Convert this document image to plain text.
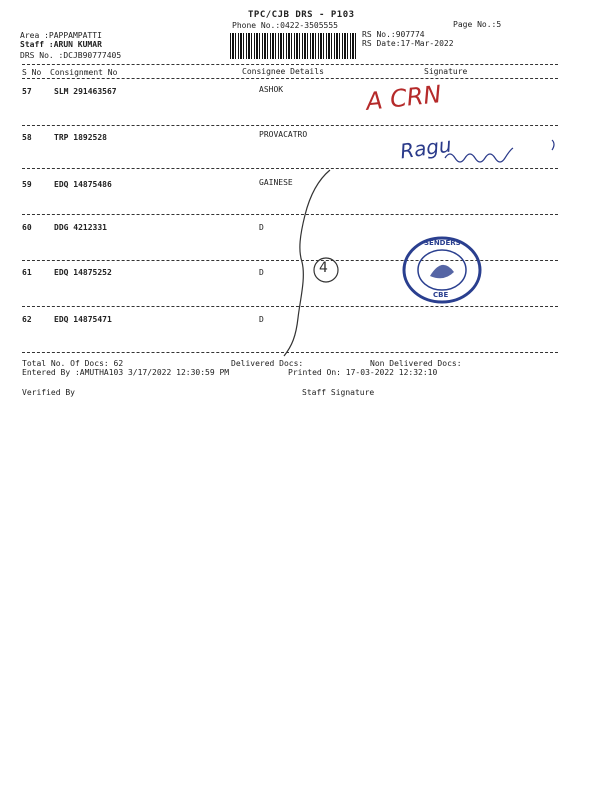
TPC/CJB DRS - P103
Phone No.:0422-3505555	Page No.:5
Area :PAPPAMPATTI
Staff :ARUN KUMAR
DRS No. :DCJB90777405
RS No.:907774
RS Date:17-Mar-2022
S No Consignment No	Consignee Details	Signature
57	SLM 291463567	ASHOK
58	TRP 1892528	PROVACATRO
59	EDQ 14875486	GAINESE
60	DDG 4212331	D
61	EDQ 14875252	D
62	EDQ 14875471	D
A CRN
Ragu
4
SENDERS
CBE
Total No. Of Docs: 62	Delivered Docs:	Non Delivered Docs:
Entered By :AMUTHA103 3/17/2022 12:30:59 PM	Printed On: 17-03-2022 12:32:10
Verified By	Staff Signature
